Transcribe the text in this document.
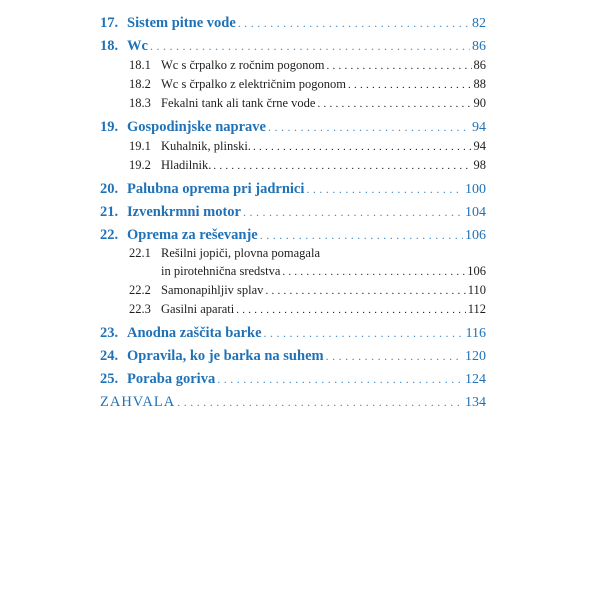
17. Sistem pitne vode . . .	82
18. Wc . . .	86
18.1 Wc s črpalko z ročnim pogonom . . .	86
18.2 Wc s črpalko z električnim pogonom . . .	88
18.3 Fekalni tank ali tank črne vode . . .	90
19. Gospodinjske naprave . . .	94
19.1 Kuhalnik, plinski. . . .	94
19.2 Hladilnik. . . .	98
20. Palubna oprema pri jadrnici . . .	100
21. Izvenkrmni motor . . .	104
22. Oprema za reševanje . . .	106
22.1 Rešilni jopiči, plovna pomagala
in pirotehnična sredstva . . .	106
22.2 Samonapihljiv splav . . .	110
22.3 Gasilni aparati . . .	112
23. Anodna zaščita barke . . .	116
24. Opravila, ko je barka na suhem . . .	120
25. Poraba goriva . . .	124
ZAHVALA . . .	134
